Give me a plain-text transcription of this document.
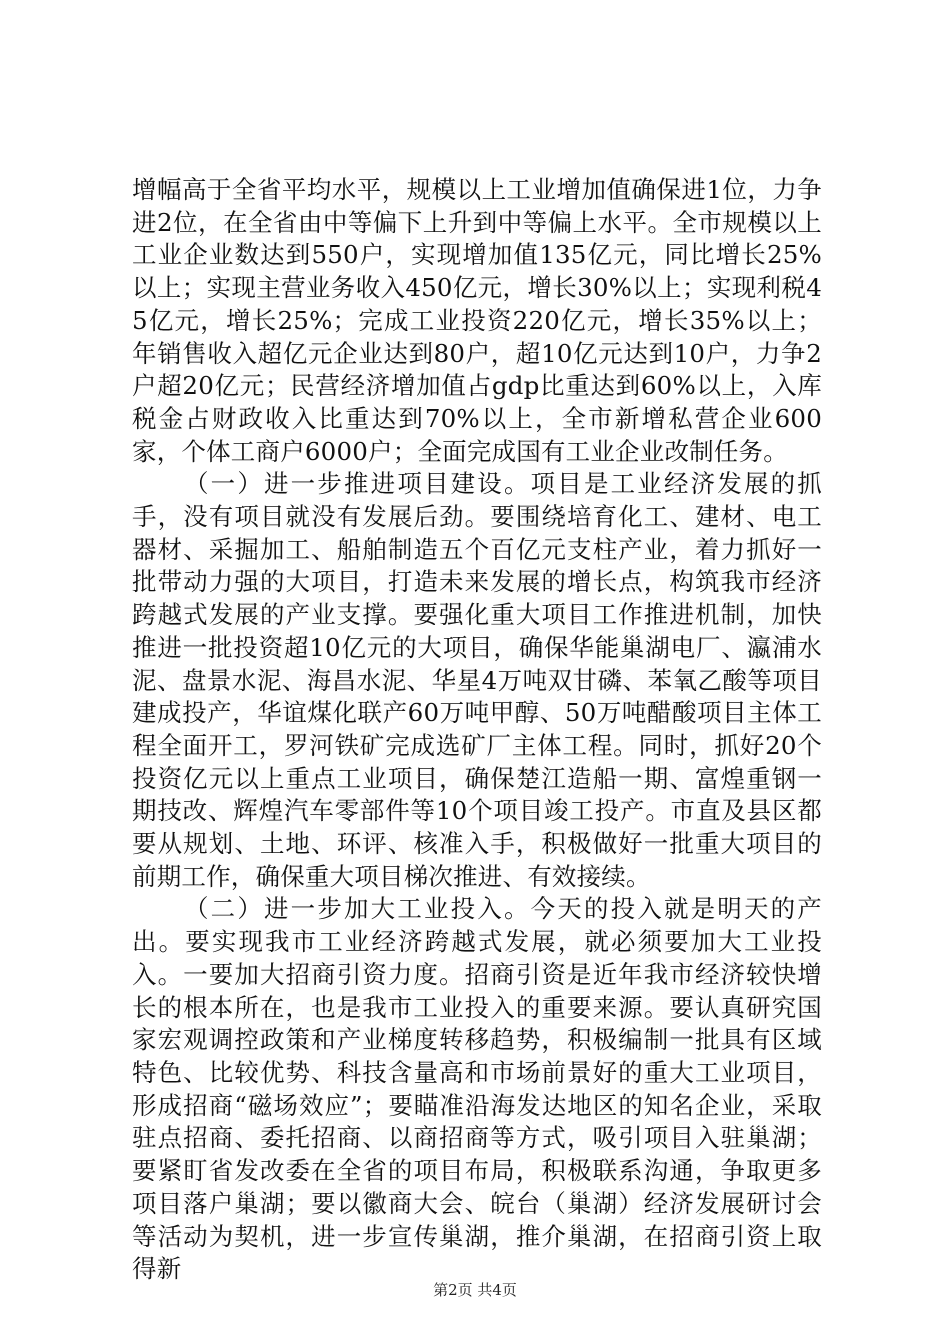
增幅高于全省平均水平，规模以上工业增加值确保进1位，力争进2位，在全省由中等偏下上升到中等偏上水平。全市规模以上工业企业数达到550户，实现增加值135亿元，同比增长25%以上；实现主营业务收入450亿元，增长30%以上；实现利税45亿元，增长25%；完成工业投资220亿元，增长35%以上；年销售收入超亿元企业达到80户，超10亿元达到10户，力争2户超20亿元；民营经济增加值占gdp比重达到60%以上，入库税金占财政收入比重达到70%以上，全市新增私营企业600家，个体工商户6000户；全面完成国有工业企业改制任务。

（一）进一步推进项目建设。项目是工业经济发展的抓手，没有项目就没有发展后劲。要围绕培育化工、建材、电工器材、采掘加工、船舶制造五个百亿元支柱产业，着力抓好一批带动力强的大项目，打造未来发展的增长点，构筑我市经济跨越式发展的产业支撑。要强化重大项目工作推进机制，加快推进一批投资超10亿元的大项目，确保华能巢湖电厂、瀛浦水泥、盘景水泥、海昌水泥、华星4万吨双甘磷、苯氧乙酸等项目建成投产，华谊煤化联产60万吨甲醇、50万吨醋酸项目主体工程全面开工，罗河铁矿完成选矿厂主体工程。同时，抓好20个投资亿元以上重点工业项目，确保楚江造船一期、富煌重钢一期技改、辉煌汽车零部件等10个项目竣工投产。市直及县区都要从规划、土地、环评、核准入手，积极做好一批重大项目的前期工作，确保重大项目梯次推进、有效接续。

（二）进一步加大工业投入。今天的投入就是明天的产出。要实现我市工业经济跨越式发展，就必须要加大工业投入。一要加大招商引资力度。招商引资是近年我市经济较快增长的根本所在，也是我市工业投入的重要来源。要认真研究国家宏观调控政策和产业梯度转移趋势，积极编制一批具有区域特色、比较优势、科技含量高和市场前景好的重大工业项目，形成招商“磁场效应”；要瞄准沿海发达地区的知名企业，采取驻点招商、委托招商、以商招商等方式，吸引项目入驻巢湖；要紧盯省发改委在全省的项目布局，积极联系沟通，争取更多项目落户巢湖；要以徽商大会、皖台（巢湖）经济发展研讨会等活动为契机，进一步宣传巢湖，推介巢湖，在招商引资上取得新

第2页 共4页
